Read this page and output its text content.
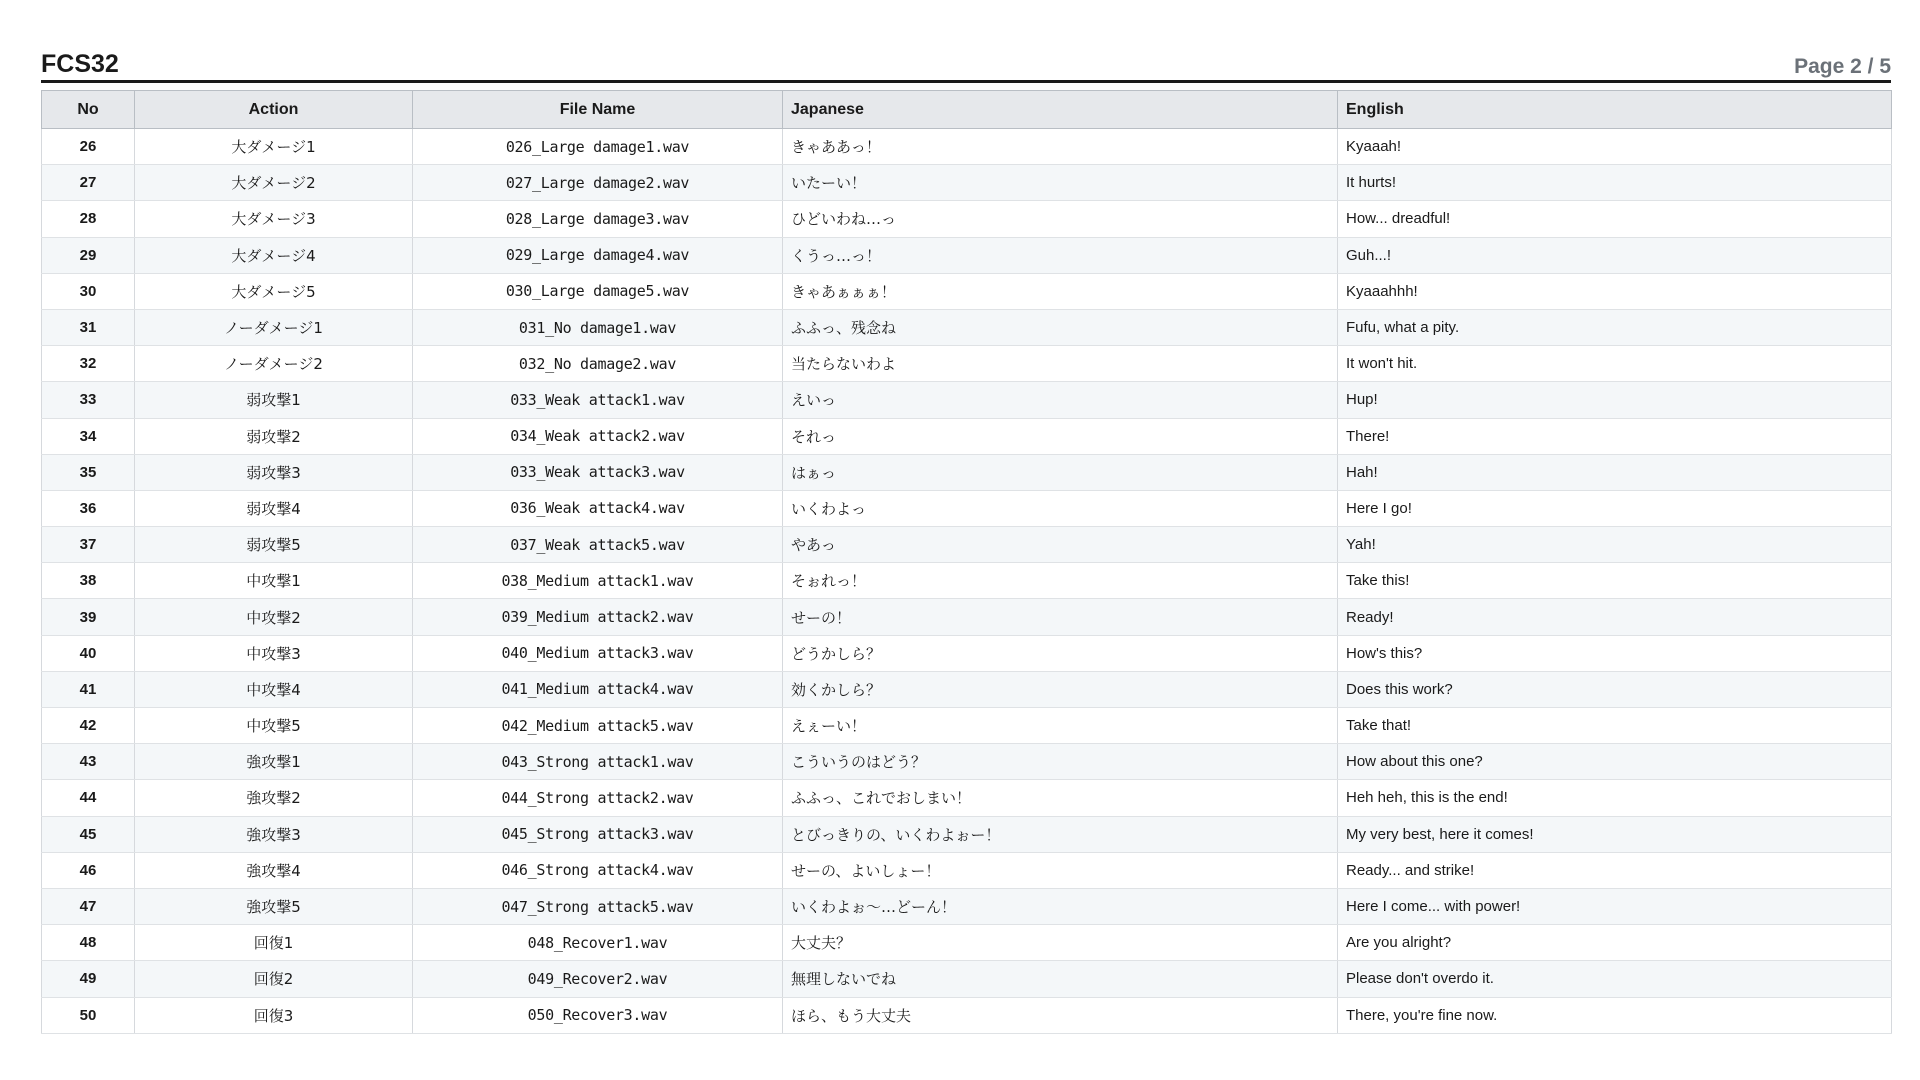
FCS32	Page 2 / 5
No	Action	File Name	Japanese	English
26	大ダメージ1	026_Large damage1.wav	きゃああっ！	Kyaaah!
27	大ダメージ2	027_Large damage2.wav	いたーい！	It hurts!
28	大ダメージ3	028_Large damage3.wav	ひどいわね…っ	How... dreadful!
29	大ダメージ4	029_Large damage4.wav	くうっ…っ！	Guh...!
30	大ダメージ5	030_Large damage5.wav	きゃあぁぁぁ！	Kyaaahhh!
31	ノーダメージ1	031_No damage1.wav	ふふっ、残念ね	Fufu, what a pity.
32	ノーダメージ2	032_No damage2.wav	当たらないわよ	It won't hit.
33	弱攻撃1	033_Weak attack1.wav	えいっ	Hup!
34	弱攻撃2	034_Weak attack2.wav	それっ	There!
35	弱攻撃3	033_Weak attack3.wav	はぁっ	Hah!
36	弱攻撃4	036_Weak attack4.wav	いくわよっ	Here I go!
37	弱攻撃5	037_Weak attack5.wav	やあっ	Yah!
38	中攻撃1	038_Medium attack1.wav	そぉれっ！	Take this!
39	中攻撃2	039_Medium attack2.wav	せーの！	Ready!
40	中攻撃3	040_Medium attack3.wav	どうかしら？	How's this?
41	中攻撃4	041_Medium attack4.wav	効くかしら？	Does this work?
42	中攻撃5	042_Medium attack5.wav	えぇーい！	Take that!
43	強攻撃1	043_Strong attack1.wav	こういうのはどう？	How about this one?
44	強攻撃2	044_Strong attack2.wav	ふふっ、これでおしまい！	Heh heh, this is the end!
45	強攻撃3	045_Strong attack3.wav	とびっきりの、いくわよぉー！	My very best, here it comes!
46	強攻撃4	046_Strong attack4.wav	せーの、よいしょー！	Ready... and strike!
47	強攻撃5	047_Strong attack5.wav	いくわよぉ〜…どーん！	Here I come... with power!
48	回復1	048_Recover1.wav	大丈夫？	Are you alright?
49	回復2	049_Recover2.wav	無理しないでね	Please don't overdo it.
50	回復3	050_Recover3.wav	ほら、もう大丈夫	There, you're fine now.
